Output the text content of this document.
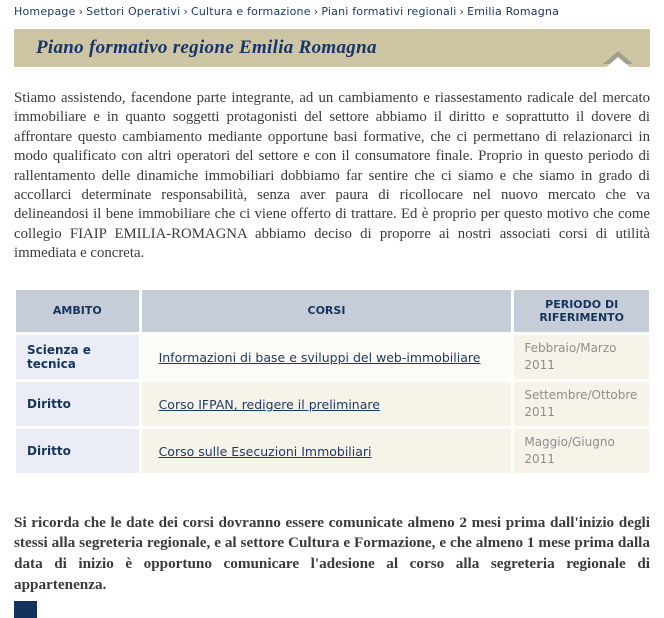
Homepage › Settori Operativi › Cultura e formazione › Piani formativi regionali › Emilia Romagna
Piano formativo regione Emilia Romagna

Stiamo assistendo, facendone parte integrante, ad un cambiamento e riassestamento radicale del mercato immobiliare e in quanto soggetti protagonisti del settore abbiamo il diritto e soprattutto il dovere di affrontare questo cambiamento mediante opportune basi formative, che ci permettano di relazionarci in modo qualificato con altri operatori del settore e con il consumatore finale. Proprio in questo periodo di rallentamento delle dinamiche immobiliari dobbiamo far sentire che ci siamo e che siamo in grado di accollarci determinate responsabilità, senza aver paura di ricollocare nel nuovo mercato che va delineandosi il bene immobiliare che ci viene offerto di trattare. Ed è proprio per questo motivo che come collegio FIAIP EMILIA-ROMAGNA abbiamo deciso di proporre ai nostri associati corsi di utilità immediata e concreta.

AMBITO	CORSI	PERIODO DI RIFERIMENTO
Scienza e tecnica	Informazioni di base e sviluppi del web-immobiliare	Febbraio/Marzo 2011
Diritto	Corso IFPAN, redigere il preliminare	Settembre/Ottobre 2011
Diritto	Corso sulle Esecuzioni Immobiliari	Maggio/Giugno 2011

Si ricorda che le date dei corsi dovranno essere comunicate almeno 2 mesi prima dall'inizio degli stessi alla segreteria regionale, e al settore Cultura e Formazione, e che almeno 1 mese prima dalla data di inizio è opportuno comunicare l'adesione al corso alla segreteria regionale di appartenenza.
